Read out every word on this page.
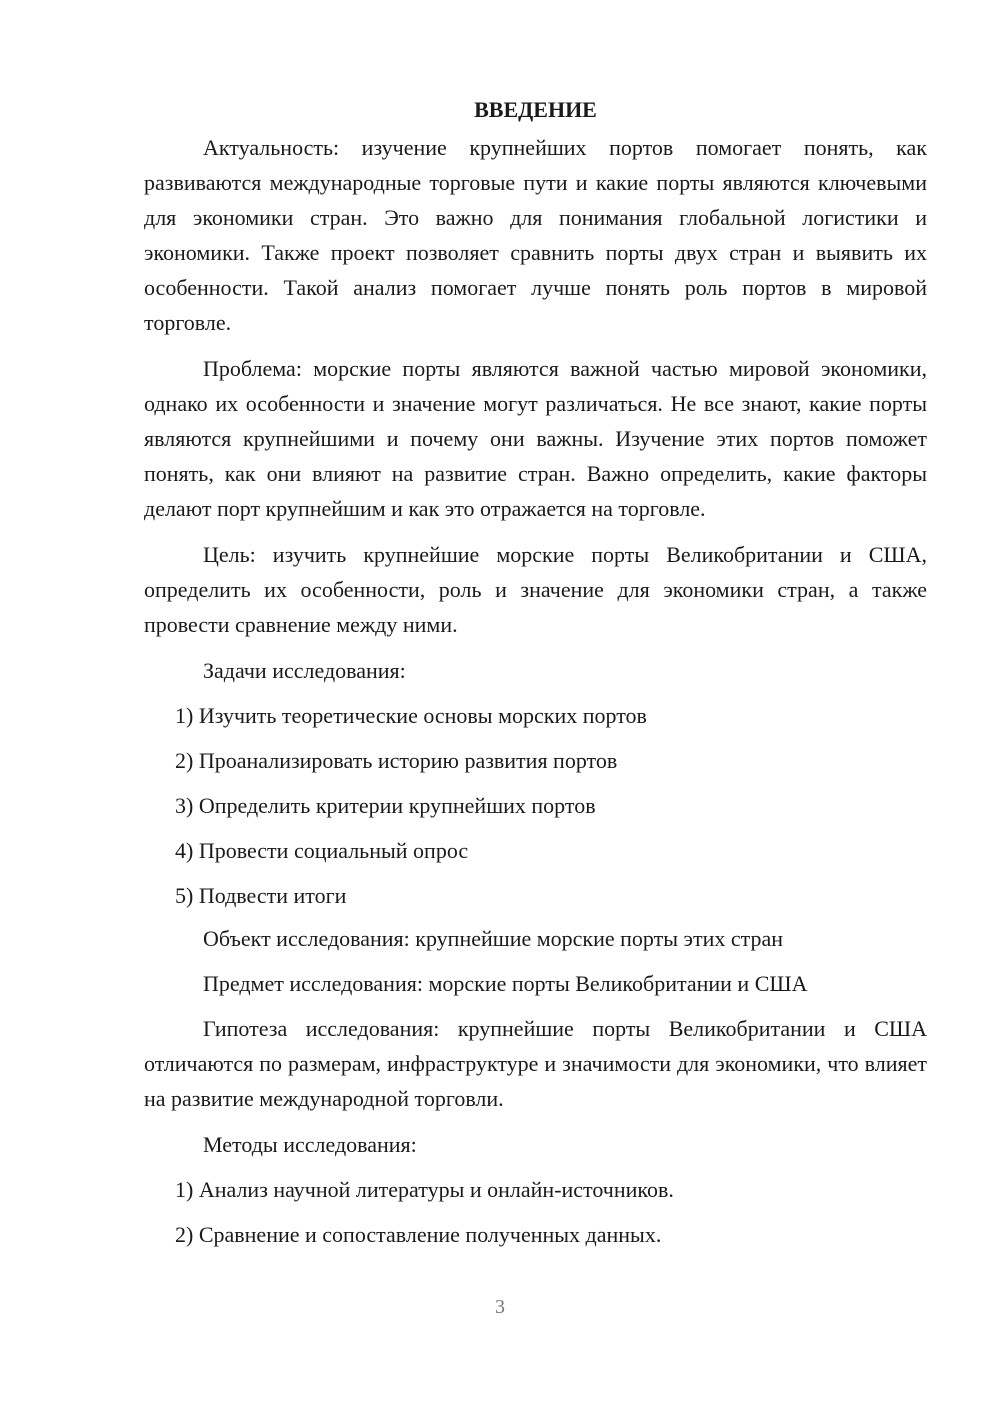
ВВЕДЕНИЕ

Актуальность: изучение крупнейших портов помогает понять, как развиваются международные торговые пути и какие порты являются ключевыми для экономики стран. Это важно для понимания глобальной логистики и экономики. Также проект позволяет сравнить порты двух стран и выявить их особенности. Такой анализ помогает лучше понять роль портов в мировой торговле.

Проблема: морские порты являются важной частью мировой экономики, однако их особенности и значение могут различаться. Не все знают, какие порты являются крупнейшими и почему они важны. Изучение этих портов поможет понять, как они влияют на развитие стран. Важно определить, какие факторы делают порт крупнейшим и как это отражается на торговле.

Цель: изучить крупнейшие морские порты Великобритании и США, определить их особенности, роль и значение для экономики стран, а также провести сравнение между ними.

Задачи исследования:
1) Изучить теоретические основы морских портов
2) Проанализировать историю развития портов
3) Определить критерии крупнейших портов
4) Провести социальный опрос
5) Подвести итоги
Объект исследования: крупнейшие морские порты этих стран
Предмет исследования: морские порты Великобритании и США

Гипотеза исследования: крупнейшие порты Великобритании и США отличаются по размерам, инфраструктуре и значимости для экономики, что влияет на развитие международной торговли.

Методы исследования:
1) Анализ научной литературы и онлайн-источников.
2) Сравнение и сопоставление полученных данных.
3
